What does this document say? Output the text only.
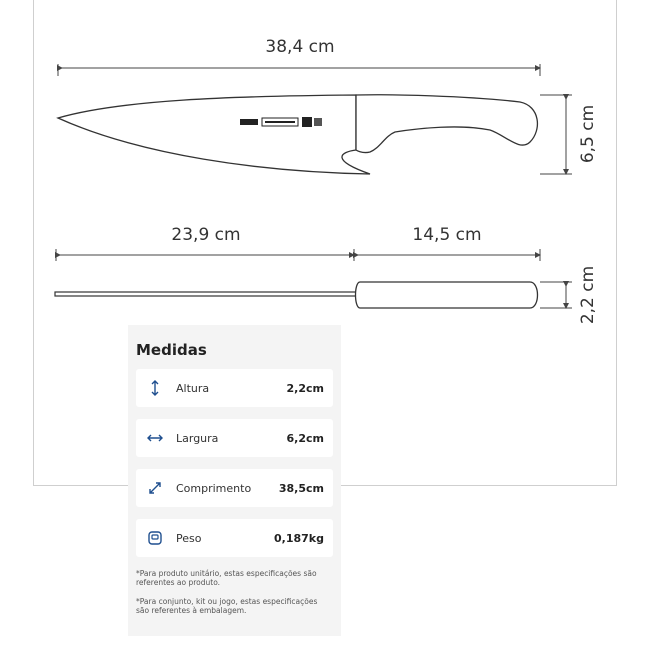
38,4 cm
6,5 cm
23,9 cm	14,5 cm
2,2 cm
Medidas
Altura	2,2cm
Largura	6,2cm
Comprimento	38,5cm
Peso	0,187kg
*Para produto unitário, estas especificações são referentes ao produto.
*Para conjunto, kit ou jogo, estas especificações são referentes à embalagem.
